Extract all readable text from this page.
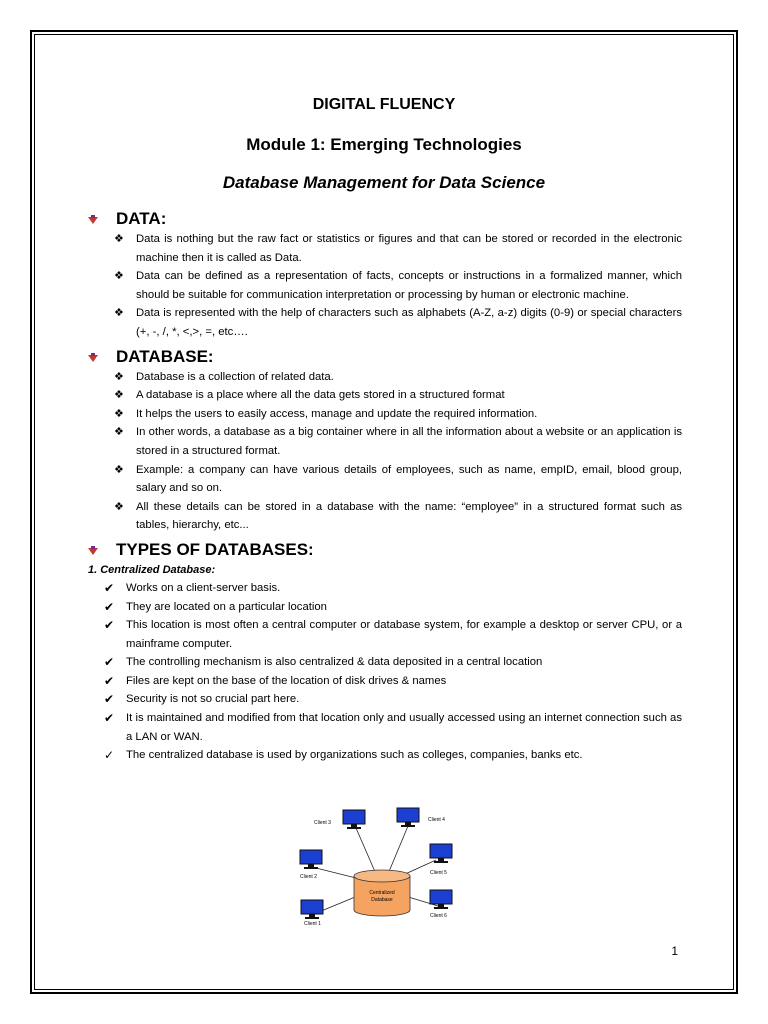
DIGITAL FLUENCY
Module 1: Emerging Technologies
Database Management for Data Science
DATA:
❖ Data is nothing but the raw fact or statistics or figures and that can be stored or recorded in the electronic machine then it is called as Data.
❖ Data can be defined as a representation of facts, concepts or instructions in a formalized manner, which should be suitable for communication interpretation or processing by human or electronic machine.
❖ Data is represented with the help of characters such as alphabets (A-Z, a-z) digits (0-9) or special characters (+, -, /, *, <,>, =, etc….
DATABASE:
❖ Database is a collection of related data.
❖ A database is a place where all the data gets stored in a structured format
❖ It helps the users to easily access, manage and update the required information.
❖ In other words, a database as a big container where in all the information about a website or an application is stored in a structured format.
❖ Example: a company can have various details of employees, such as name, empID, email, blood group, salary and so on.
❖ All these details can be stored in a database with the name: “employee” in a structured format such as tables, hierarchy, etc...
TYPES OF DATABASES:

1. Centralized Database:

✔ Works on a client-server basis.
✔ They are located on a particular location
✔ This location is most often a central computer or database system, for example a desktop or server CPU, or a mainframe computer.
✔ The controlling mechanism is also centralized & data deposited in a central location
✔ Files are kept on the base of the location of disk drives & names
✔ Security is not so crucial part here.
✔ It is maintained and modified from that location only and usually accessed using an internet connection such as a LAN or WAN.
✓ The centralized database is used by organizations such as colleges, companies, banks etc.
Centralized
Database
Client 1
Client 2
Client 3	Client 4
Client 5
Client 6
1
